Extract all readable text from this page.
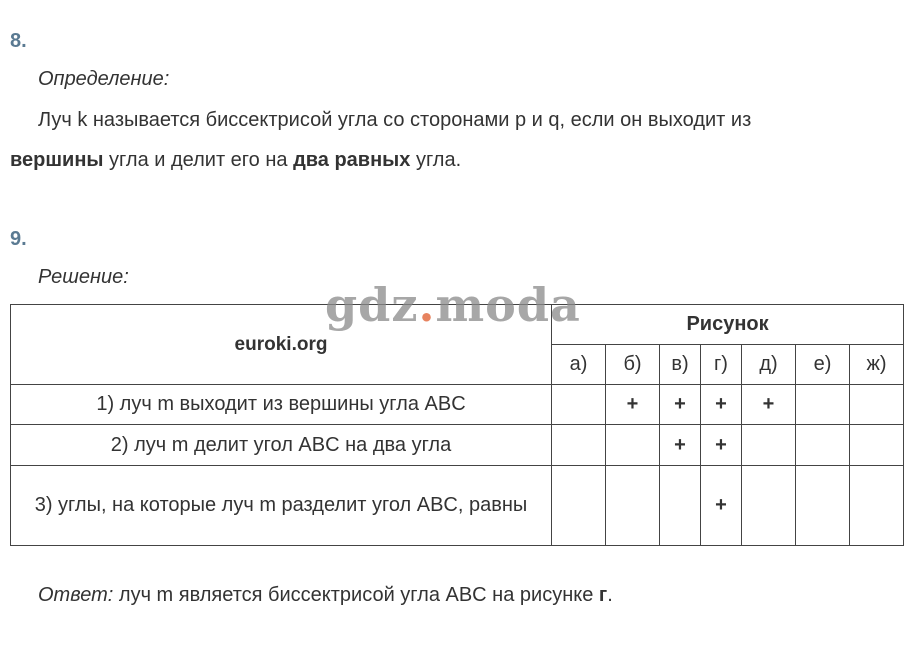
8.
Определение:
Луч k называется биссектрисой угла со сторонами p и q, если он выходит из
вершины угла и делит его на два равных угла.
9.
Решение:
euroki.org	Рисунок						
	а)	б)	в)	г)	д)	е)	ж)
1) луч m выходит из вершины угла ABC		+	+	+	+		
2) луч m делит угол ABC на два угла			+	+			
3) углы, на которые луч m разделит угол ABC, равны				+			
gdz.moda
Ответ: луч m является биссектрисой угла ABC на рисунке г.
